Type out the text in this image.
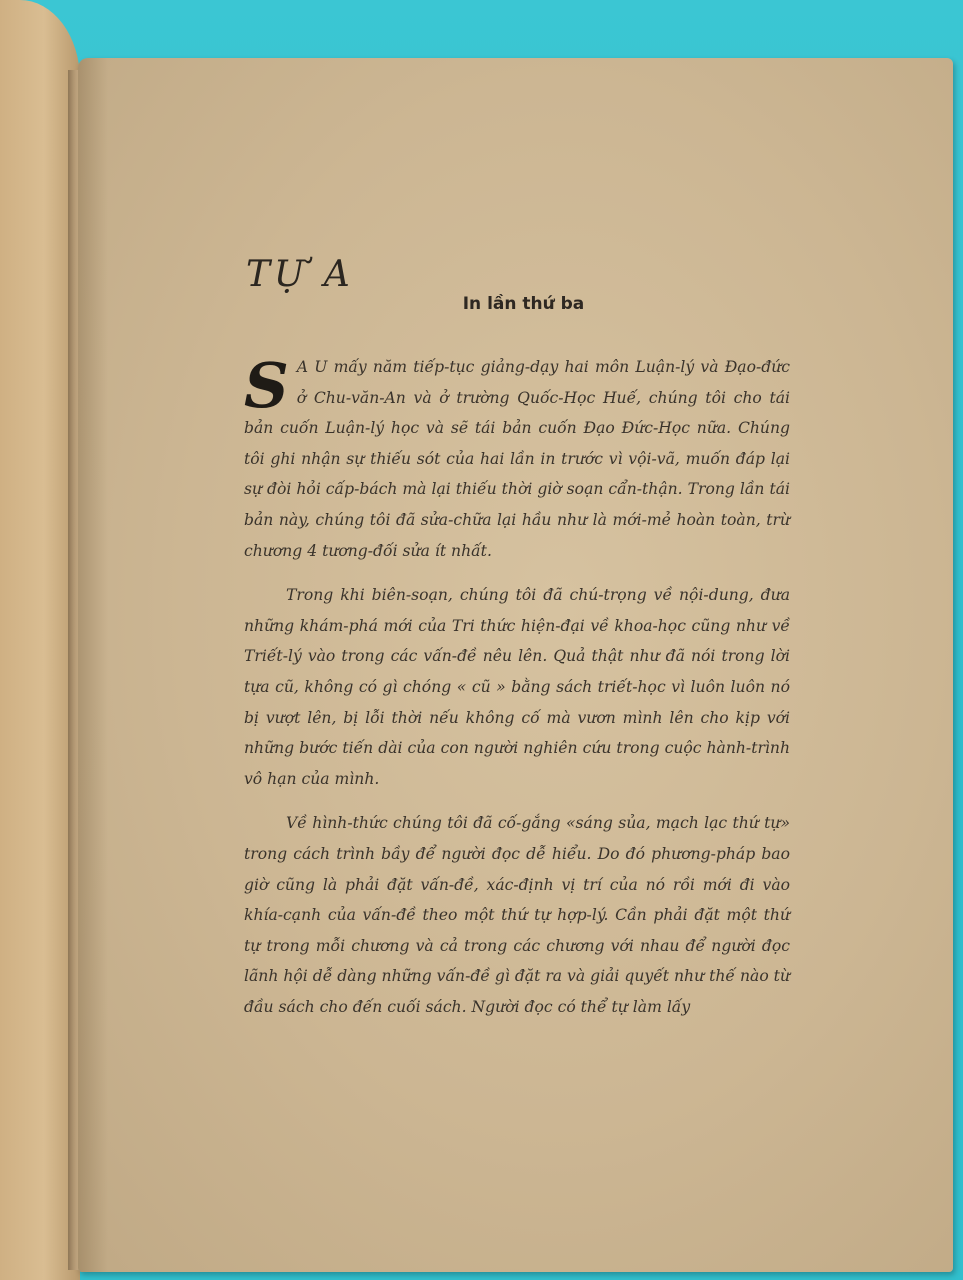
TỰ A

In lần thứ ba

S A U mấy năm tiếp-tục giảng-dạy hai môn Luận-lý và Đạo-đức ở Chu-văn-An và ở trường Quốc-Học Huế, chúng tôi cho tái bản cuốn Luận-lý học và sẽ tái bản cuốn Đạo Đức-Học nữa. Chúng tôi ghi nhận sự thiếu sót của hai lần in trước vì vội-vã, muốn đáp lại sự đòi hỏi cấp-bách mà lại thiếu thời giờ soạn cẩn-thận. Trong lần tái bản này, chúng tôi đã sửa-chữa lại hầu như là mới-mẻ hoàn toàn, trừ chương 4 tương-đối sửa ít nhất.

Trong khi biên-soạn, chúng tôi đã chú-trọng về nội-dung, đưa những khám-phá mới của Tri thức hiện-đại về khoa-học cũng như về Triết-lý vào trong các vấn-đề nêu lên. Quả thật như đã nói trong lời tựa cũ, không có gì chóng « cũ » bằng sách triết-học vì luôn luôn nó bị vượt lên, bị lỗi thời nếu không cố mà vươn mình lên cho kịp với những bước tiến dài của con người nghiên cứu trong cuộc hành-trình vô hạn của mình.

Về hình-thức chúng tôi đã cố-gắng «sáng sủa, mạch lạc thứ tự» trong cách trình bầy để người đọc dễ hiểu. Do đó phương-pháp bao giờ cũng là phải đặt vấn-đề, xác-định vị trí của nó rồi mới đi vào khía-cạnh của vấn-đề theo một thứ tự hợp-lý. Cần phải đặt một thứ tự trong mỗi chương và cả trong các chương với nhau để người đọc lãnh hội dễ dàng những vấn-đề gì đặt ra và giải quyết như thế nào từ đầu sách cho đến cuối sách. Người đọc có thể tự làm lấy
